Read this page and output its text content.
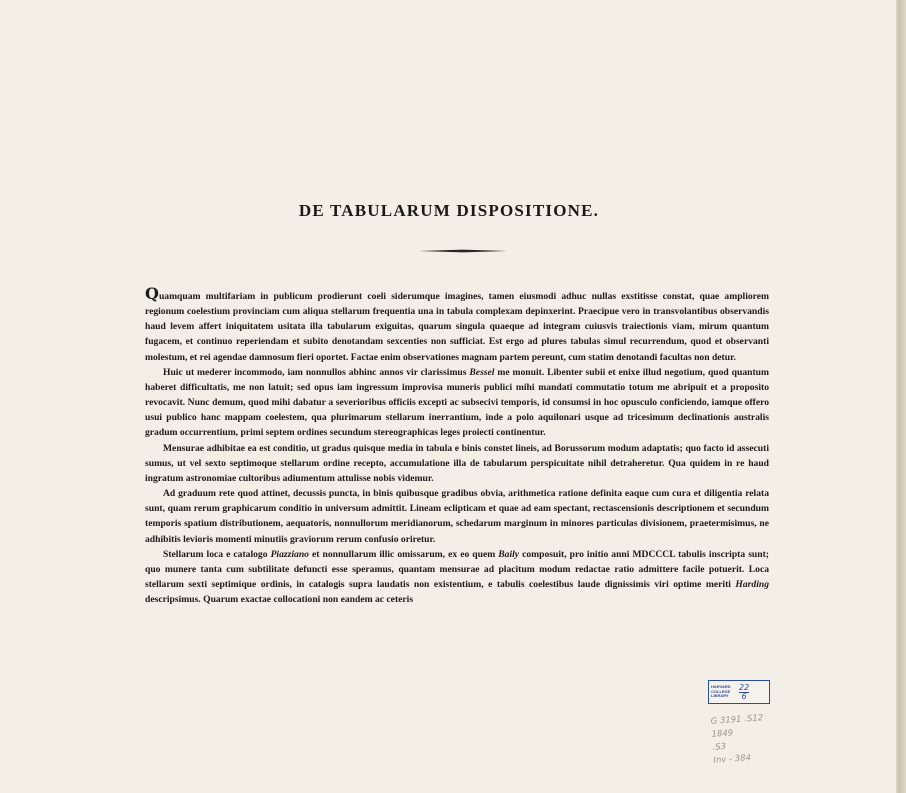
DE TABULARUM DISPOSITIONE.

Quamquam multifariam in publicum prodierunt coeli siderumque imagines, tamen eiusmodi adhuc nullas exstitisse constat, quae ampliorem regionum coelestium provinciam cum aliqua stellarum frequentia una in tabula complexam depinxerint. Praecipue vero in transvolantibus observandis haud levem affert iniquitatem usitata illa tabularum exiguitas, quarum singula quaeque ad integram cuiusvis traiectionis viam, mirum quantum fugacem, et continuo reperiendam et subito denotandam sexcenties non sufficiat. Est ergo ad plures tabulas simul recurrendum, quod et observanti molestum, et rei agendae damnosum fieri oportet. Factae enim observationes magnam partem pereunt, cum statim denotandi facultas non detur.

Huic ut mederer incommodo, iam nonnullos abhinc annos vir clarissimus Bessel me monuit. Libenter subii et enixe illud negotium, quod quantum haberet difficultatis, me non latuit; sed opus iam ingressum improvisa muneris publici mihi mandati commutatio totum me abripuit et a proposito revocavit. Nunc demum, quod mihi dabatur a severioribus officiis excepti ac subsecivi temporis, id consumsi in hoc opusculo conficiendo, iamque offero usui publico hanc mappam coelestem, qua plurimarum stellarum inerrantium, inde a polo aquilonari usque ad tricesimum declinationis australis gradum occurrentium, primi septem ordines secundum stereographicas leges proiecti continentur.

Mensurae adhibitae ea est conditio, ut gradus quisque media in tabula e binis constet lineis, ad Borussorum modum adaptatis; quo facto id assecuti sumus, ut vel sexto septimoque stellarum ordine recepto, accumulatione illa de tabularum perspicuitate nihil detraheretur. Qua quidem in re haud ingratum astronomiae cultoribus adiumentum attulisse nobis videmur.

Ad graduum rete quod attinet, decussis puncta, in binis quibusque gradibus obvia, arithmetica ratione definita eaque cum cura et diligentia relata sunt, quam rerum graphicarum conditio in universum admittit. Lineam eclipticam et quae ad eam spectant, rectascensionis descriptionem et secundum temporis spatium distributionem, aequatoris, nonnullorum meridianorum, schedarum marginum in minores particulas divisionem, praetermisimus, ne adhibitis levioris momenti minutiis graviorum rerum confusio oriretur.

Stellarum loca e catalogo Piazziano et nonnullarum illic omissarum, ex eo quem Baily composuit, pro initio anni MDCCCL tabulis inscripta sunt; quo munere tanta cum subtilitate defuncti esse speramus, quantam mensurae ad placitum modum redactae ratio admittere facile potuerit. Loca stellarum sexti septimique ordinis, in catalogis supra laudatis non existentium, e tabulis coelestibus laude dignissimis viri optime meriti Harding descripsimus. Quarum exactae collocationi non eandem ac ceteris

HARVARD
COLLEGE
LIBRARY
22
6
G 3191 .S12
1849
.S3
Inv - 384
